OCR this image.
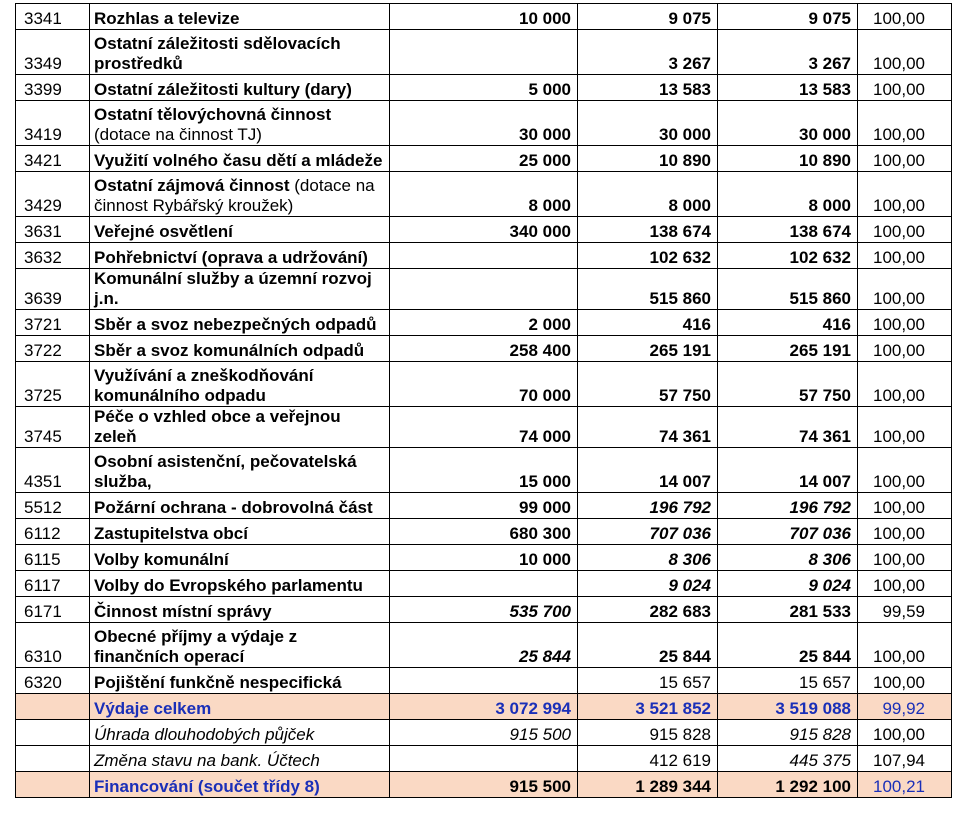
3341	Rozhlas a televize	10 000	9 075	9 075	100,00
3349	Ostatní záležitosti sdělovacích prostředků		3 267	3 267	100,00
3399	Ostatní záležitosti kultury (dary)	5 000	13 583	13 583	100,00
3419	Ostatní tělovýchovná činnost (dotace na činnost TJ)	30 000	30 000	30 000	100,00
3421	Využití volného času dětí a mládeže	25 000	10 890	10 890	100,00
3429	Ostatní zájmová činnost (dotace na činnost Rybářský kroužek)	8 000	8 000	8 000	100,00
3631	Veřejné osvětlení	340 000	138 674	138 674	100,00
3632	Pohřebnictví (oprava a udržování)		102 632	102 632	100,00
3639	Komunální služby a územní rozvoj j.n.		515 860	515 860	100,00
3721	Sběr a svoz nebezpečných odpadů	2 000	416	416	100,00
3722	Sběr a svoz komunálních odpadů	258 400	265 191	265 191	100,00
3725	Využívání a zneškodňování komunálního odpadu	70 000	57 750	57 750	100,00
3745	Péče o vzhled obce a veřejnou zeleň	74 000	74 361	74 361	100,00
4351	Osobní asistenční, pečovatelská služba,	15 000	14 007	14 007	100,00
5512	Požární ochrana - dobrovolná část	99 000	196 792	196 792	100,00
6112	Zastupitelstva obcí	680 300	707 036	707 036	100,00
6115	Volby komunální	10 000	8 306	8 306	100,00
6117	Volby do Evropského parlamentu		9 024	9 024	100,00
6171	Činnost místní správy	535 700	282 683	281 533	99,59
6310	Obecné příjmy a výdaje z finančních operací	25 844	25 844	25 844	100,00
6320	Pojištění funkčně nespecifická		15 657	15 657	100,00
	Výdaje celkem	3 072 994	3 521 852	3 519 088	99,92
	Úhrada dlouhodobých půjček	915 500	915 828	915 828	100,00
	Změna stavu na bank. Účtech		412 619	445 375	107,94
	Financování (součet třídy 8)	915 500	1 289 344	1 292 100	100,21
